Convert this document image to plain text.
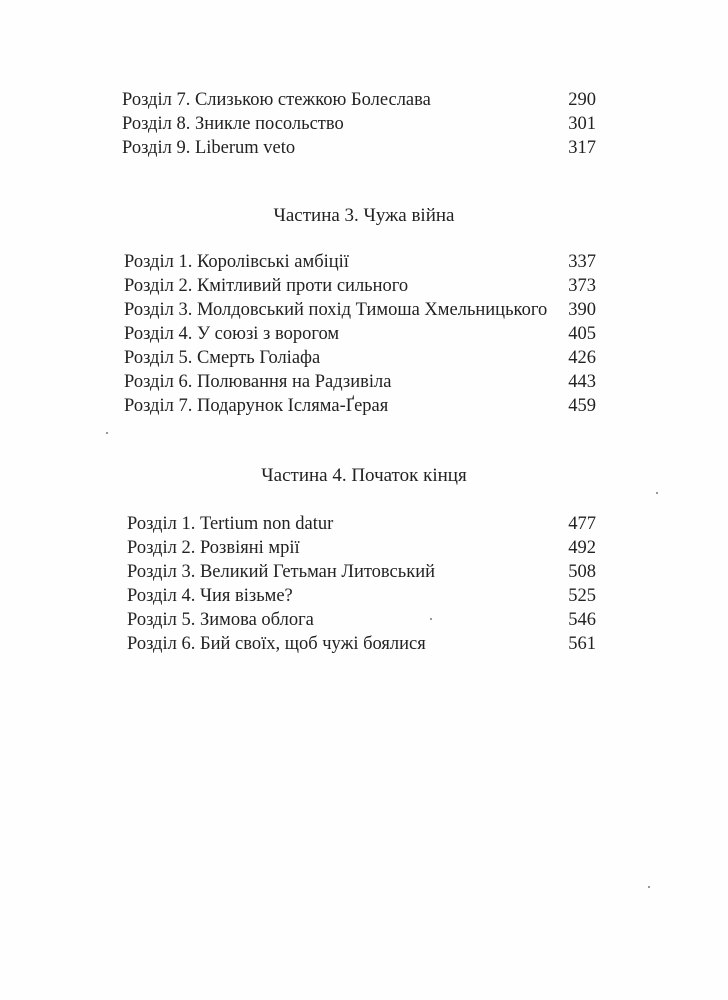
Розділ 7. Слизькою стежкою Болеслава	290
Розділ 8. Зникле посольство	301
Розділ 9. Liberum veto	317
Частина 3. Чужа війна
Розділ 1. Королівські амбіції	337
Розділ 2. Кмітливий проти сильного	373
Розділ 3. Молдовський похід Тимоша Хмельницького	390
Розділ 4. У союзі з ворогом	405
Розділ 5. Смерть Голіафа	426
Розділ 6. Полювання на Радзивіла	443
Розділ 7. Подарунок Ісляма-Ґерая	459
Частина 4. Початок кінця
Розділ 1. Tertium non datur	477
Розділ 2. Розвіяні мрії	492
Розділ 3. Великий Гетьман Литовський	508
Розділ 4. Чия візьме?	525
Розділ 5. Зимова облога	546
Розділ 6. Бий своїх, щоб чужі боялися	561
